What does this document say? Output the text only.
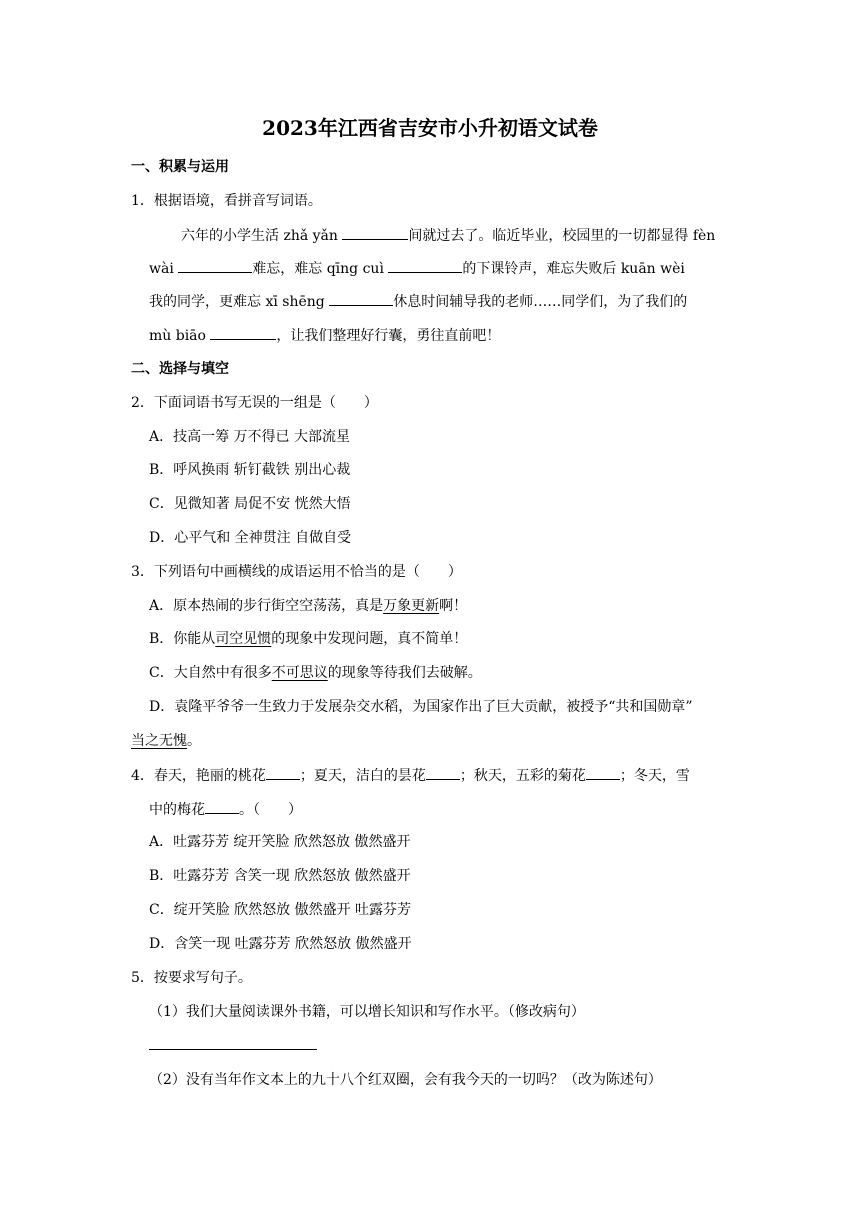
2023年江西省吉安市小升初语文试卷
一、积累与运用
1．根据语境，看拼音写词语。
六年的小学生活 zhǎ yǎn	间就过去了。临近毕业，校园里的一切都显得 fèn
wài	难忘，难忘 qīng cuì	的下课铃声，难忘失败后 kuān wèi
我的同学，更难忘 xī shēng	休息时间辅导我的老师……同学们，为了我们的
mù biāo	，让我们整理好行囊，勇往直前吧！
二、选择与填空
2．下面词语书写无误的一组是（　　）
A．技高一筹 万不得已 大部流星
B．呼风换雨 斩钉截铁 别出心裁
C．见微知著 局促不安 恍然大悟
D．心平气和 全神贯注 自做自受
3．下列语句中画横线的成语运用不恰当的是（　　）
A．原本热闹的步行街空空荡荡，真是万象更新啊！
B．你能从司空见惯的现象中发现问题，真不简单！
C．大自然中有很多不可思议的现象等待我们去破解。
D．袁隆平爷爷一生致力于发展杂交水稻，为国家作出了巨大贡献，被授予“共和国勋章”
当之无愧。
4．春天，艳丽的桃花 ；夏天，洁白的昙花 ；秋天，五彩的菊花 ；冬天，雪
中的梅花 。（　　）
A．吐露芬芳 绽开笑脸 欣然怒放 傲然盛开
B．吐露芬芳 含笑一现 欣然怒放 傲然盛开
C．绽开笑脸 欣然怒放 傲然盛开 吐露芬芳
D．含笑一现 吐露芬芳 欣然怒放 傲然盛开
5．按要求写句子。
（1）我们大量阅读课外书籍，可以增长知识和写作水平。（修改病句）
（2）没有当年作文本上的九十八个红双圈，会有我今天的一切吗？（改为陈述句）
